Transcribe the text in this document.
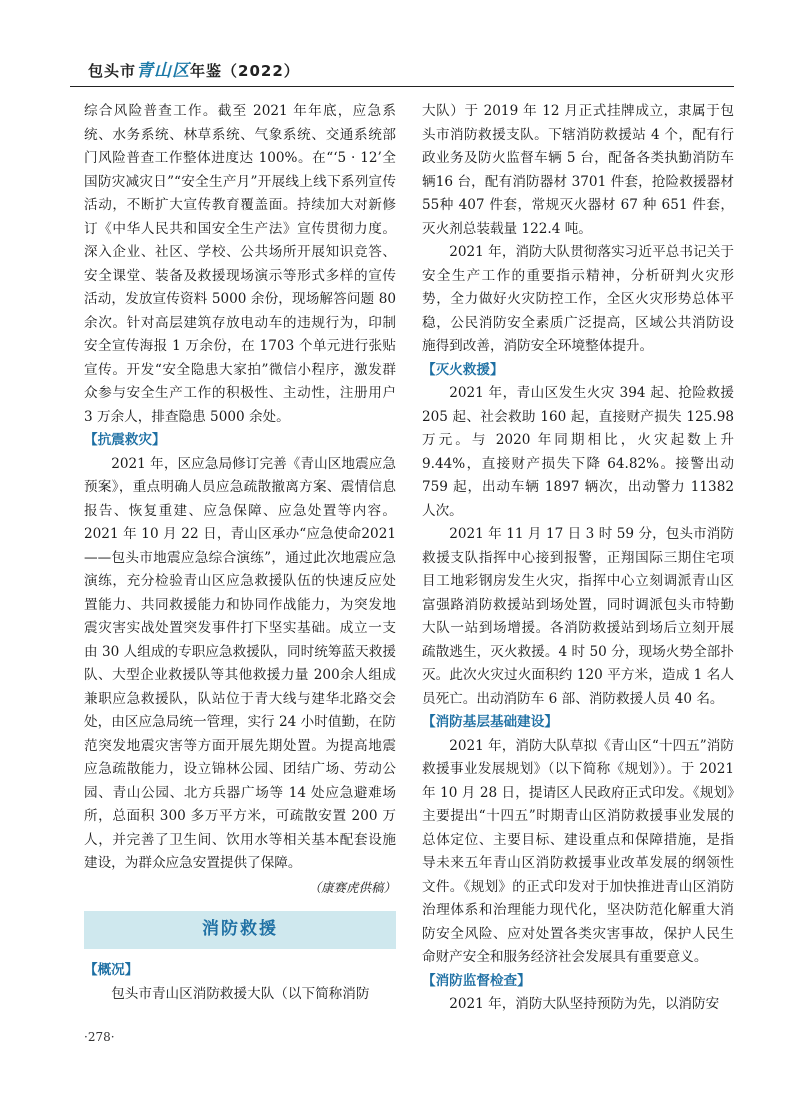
包头市青山区年鉴（2022）

综合风险普查工作。截至 2021 年年底，应急系统、水务系统、林草系统、气象系统、交通系统部门风险普查工作整体进度达 100%。在“‘5 · 12’全国防灾减灾日”“安全生产月”开展线上线下系列宣传活动，不断扩大宣传教育覆盖面。持续加大对新修订《中华人民共和国安全生产法》宣传贯彻力度。深入企业、社区、学校、公共场所开展知识竞答、安全课堂、装备及救援现场演示等形式多样的宣传活动，发放宣传资料 5000 余份，现场解答问题 80余次。针对高层建筑存放电动车的违规行为，印制安全宣传海报 1 万余份，在 1703 个单元进行张贴宣传。开发“安全隐患大家拍”微信小程序，激发群众参与安全生产工作的积极性、主动性，注册用户 3 万余人，排查隐患 5000 余处。

【抗震救灾】

2021 年，区应急局修订完善《青山区地震应急预案》，重点明确人员应急疏散撤离方案、震情信息报告、恢复重建、应急保障、应急处置等内容。2021 年 10 月 22 日，青山区承办“应急使命2021——包头市地震应急综合演练”，通过此次地震应急演练，充分检验青山区应急救援队伍的快速反应处置能力、共同救援能力和协同作战能力，为突发地震灾害实战处置突发事件打下坚实基础。成立一支由 30 人组成的专职应急救援队，同时统筹蓝天救援队、大型企业救援队等其他救援力量 200余人组成兼职应急救援队，队站位于青大线与建华北路交会处，由区应急局统一管理，实行 24 小时值勤，在防范突发地震灾害等方面开展先期处置。为提高地震应急疏散能力，设立锦林公园、团结广场、劳动公园、青山公园、北方兵器广场等 14 处应急避难场所，总面积 300 多万平方米，可疏散安置 200 万人，并完善了卫生间、饮用水等相关基本配套设施建设，为群众应急安置提供了保障。

（康赛虎供稿）

消防救援

【概况】

包头市青山区消防救援大队（以下简称消防

大队）于 2019 年 12 月正式挂牌成立，隶属于包头市消防救援支队。下辖消防救援站 4 个，配有行政业务及防火监督车辆 5 台，配备各类执勤消防车辆16 台，配有消防器材 3701 件套，抢险救援器材 55种 407 件套，常规灭火器材 67 种 651 件套，灭火剂总装载量 122.4 吨。

2021 年，消防大队贯彻落实习近平总书记关于安全生产工作的重要指示精神，分析研判火灾形势，全力做好火灾防控工作，全区火灾形势总体平稳，公民消防安全素质广泛提高，区域公共消防设施得到改善，消防安全环境整体提升。

【灭火救援】

2021 年，青山区发生火灾 394 起、抢险救援205 起、社会救助 160 起，直接财产损失 125.98 万元。与 2020 年同期相比，火灾起数上升 9.44%，直接财产损失下降 64.82%。接警出动 759 起，出动车辆 1897 辆次，出动警力 11382 人次。

2021 年 11 月 17 日 3 时 59 分，包头市消防救援支队指挥中心接到报警，正翔国际三期住宅项目工地彩钢房发生火灾，指挥中心立刻调派青山区富强路消防救援站到场处置，同时调派包头市特勤大队一站到场增援。各消防救援站到场后立刻开展疏散逃生，灭火救援。4 时 50 分，现场火势全部扑灭。此次火灾过火面积约 120 平方米，造成 1 名人员死亡。出动消防车 6 部、消防救援人员 40 名。

【消防基层基础建设】

2021 年，消防大队草拟《青山区“十四五”消防救援事业发展规划》（以下简称《规划》）。于 2021 年 10 月 28 日，提请区人民政府正式印发。《规划》主要提出“十四五”时期青山区消防救援事业发展的总体定位、主要目标、建设重点和保障措施，是指导未来五年青山区消防救援事业改革发展的纲领性文件。《规划》的正式印发对于加快推进青山区消防治理体系和治理能力现代化，坚决防范化解重大消防安全风险、应对处置各类灾害事故，保护人民生命财产安全和服务经济社会发展具有重要意义。

【消防监督检查】

2021 年，消防大队坚持预防为先，以消防安

·278·
